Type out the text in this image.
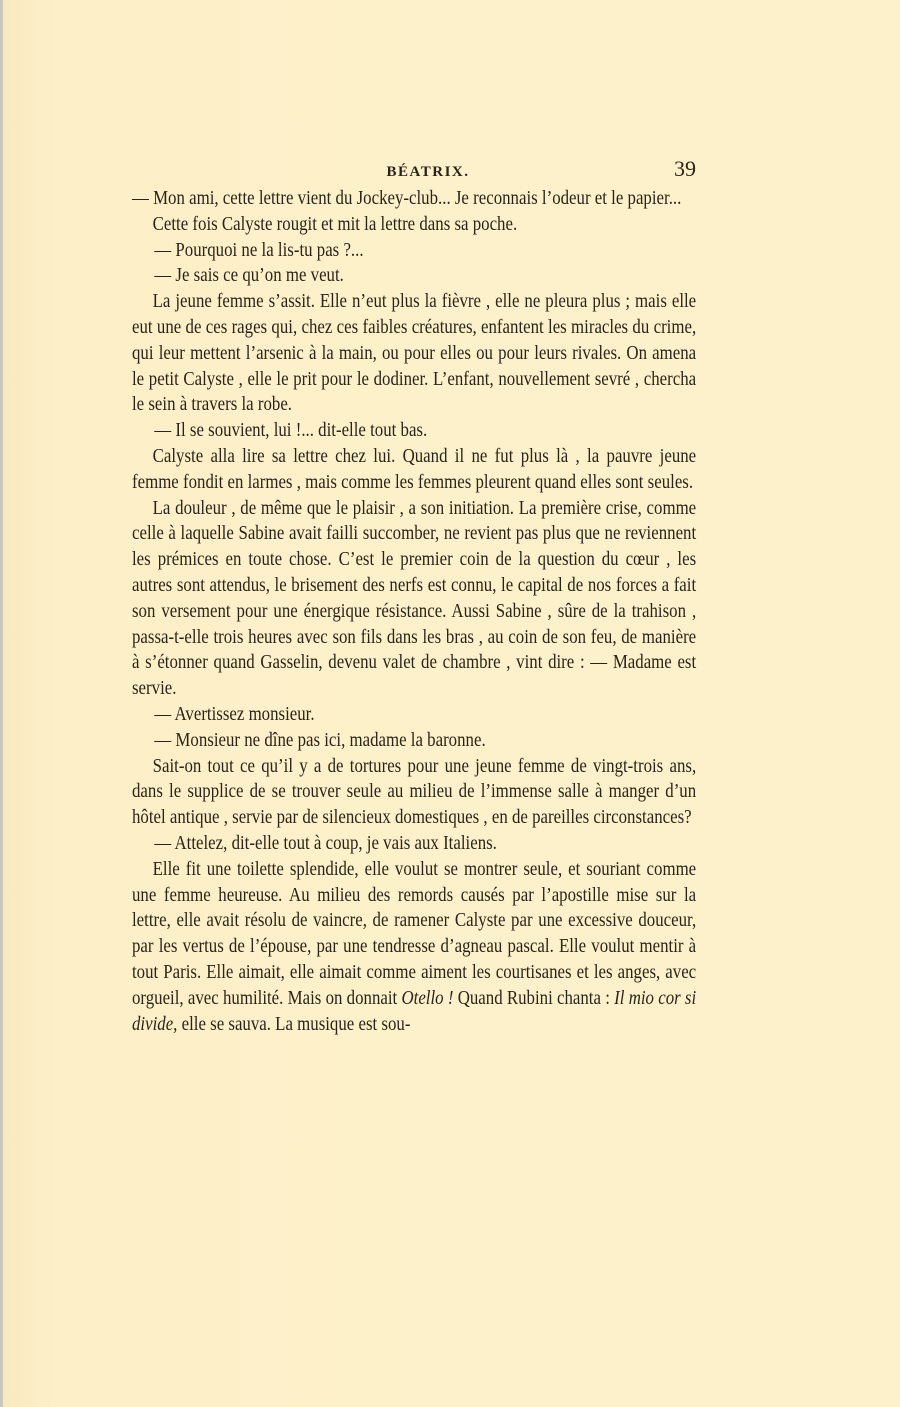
BÉATRIX.	39

— Mon ami, cette lettre vient du Jockey-club... Je reconnais l’odeur et le papier...

Cette fois Calyste rougit et mit la lettre dans sa poche.

— Pourquoi ne la lis-tu pas ?...

— Je sais ce qu’on me veut.

La jeune femme s’assit. Elle n’eut plus la fièvre , elle ne pleura plus ; mais elle eut une de ces rages qui, chez ces faibles créatures, enfantent les miracles du crime, qui leur mettent l’arsenic à la main, ou pour elles ou pour leurs rivales. On amena le petit Calyste , elle le prit pour le dodiner. L’enfant, nouvellement sevré , chercha le sein à travers la robe.

— Il se souvient, lui !... dit-elle tout bas.

Calyste alla lire sa lettre chez lui. Quand il ne fut plus là , la pauvre jeune femme fondit en larmes , mais comme les femmes pleurent quand elles sont seules.

La douleur , de même que le plaisir , a son initiation. La première crise, comme celle à laquelle Sabine avait failli succomber, ne revient pas plus que ne reviennent les prémices en toute chose. C’est le premier coin de la question du cœur , les autres sont attendus, le brisement des nerfs est connu, le capital de nos forces a fait son versement pour une énergique résistance. Aussi Sabine , sûre de la trahison , passa-t-elle trois heures avec son fils dans les bras , au coin de son feu, de manière à s’étonner quand Gasselin, devenu valet de chambre , vint dire : — Madame est servie.

— Avertissez monsieur.

— Monsieur ne dîne pas ici, madame la baronne.

Sait-on tout ce qu’il y a de tortures pour une jeune femme de vingt-trois ans, dans le supplice de se trouver seule au milieu de l’immense salle à manger d’un hôtel antique , servie par de silencieux domestiques , en de pareilles circonstances?

— Attelez, dit-elle tout à coup, je vais aux Italiens.

Elle fit une toilette splendide, elle voulut se montrer seule, et souriant comme une femme heureuse. Au milieu des remords causés par l’apostille mise sur la lettre, elle avait résolu de vaincre, de ramener Calyste par une excessive douceur, par les vertus de l’épouse, par une tendresse d’agneau pascal. Elle voulut mentir à tout Paris. Elle aimait, elle aimait comme aiment les courtisanes et les anges, avec orgueil, avec humilité. Mais on donnait Otello ! Quand Rubini chanta : Il mio cor si divide, elle se sauva. La musique est sou-
